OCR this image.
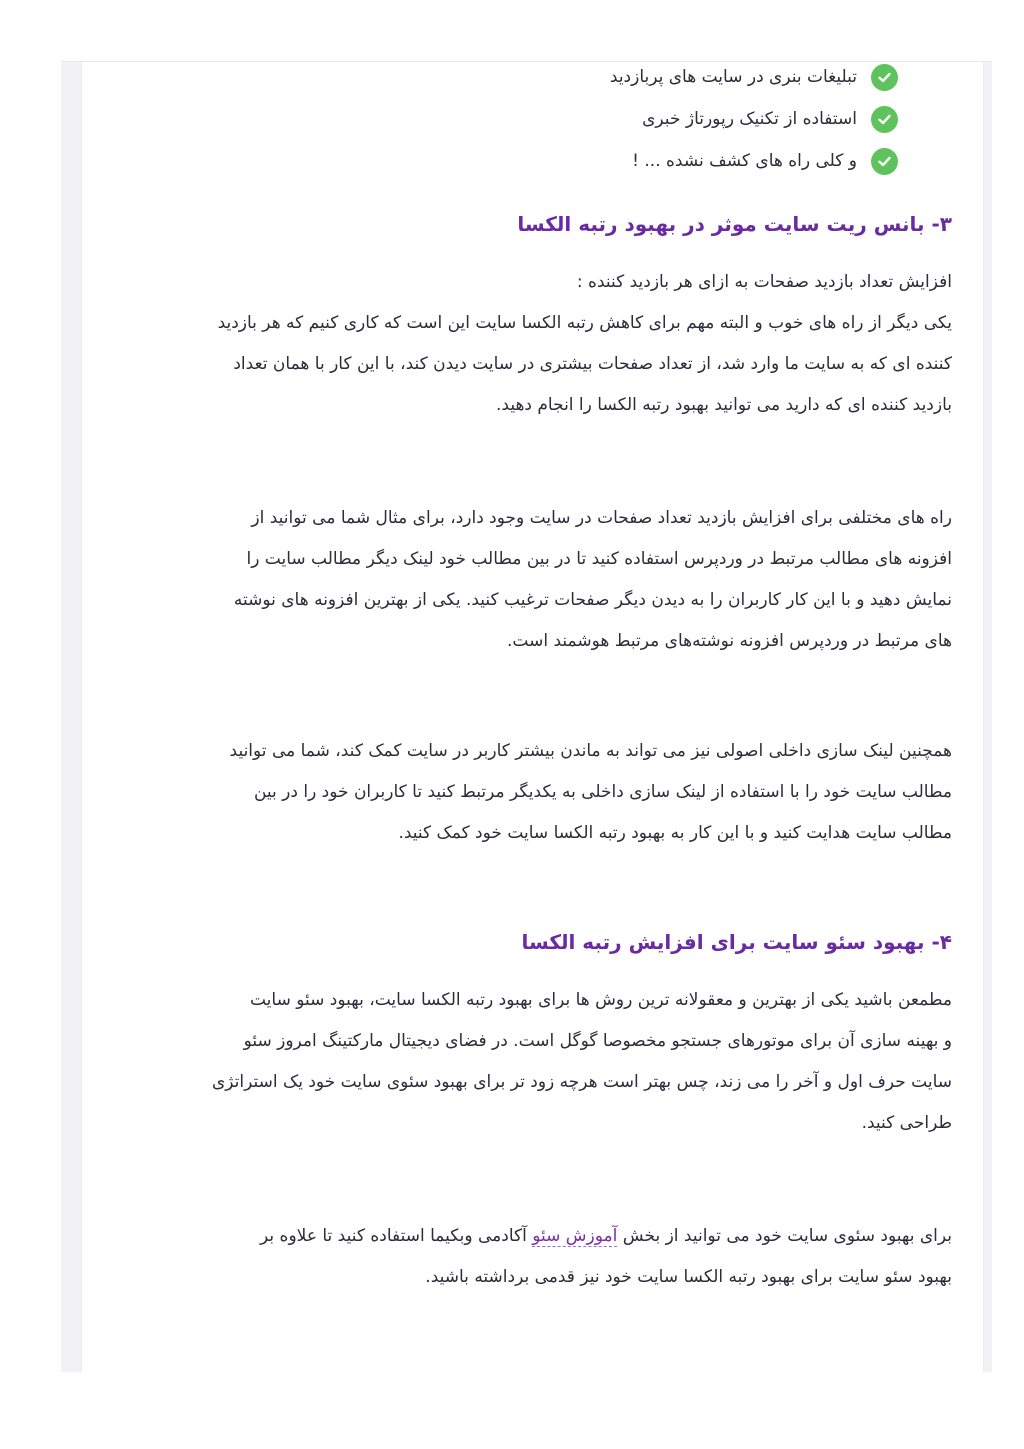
تبلیغات بنری در سایت های پربازدید
استفاده از تکنیک رپورتاژ خبری
و کلی راه های کشف نشده ... !
۳- بانس ریت سایت موثر در بهبود رتبه الکسا

افزایش تعداد بازدید صفحات به ازای هر بازدید کننده :
یکی دیگر از راه های خوب و البته مهم برای کاهش رتبه الکسا سایت این است که کاری کنیم که هر بازدید
کننده ای که به سایت ما وارد شد، از تعداد صفحات بیشتری در سایت دیدن کند، با این کار با همان تعداد
بازدید کننده ای که دارید می توانید بهبود رتبه الکسا را انجام دهید.

راه های مختلفی برای افزایش بازدید تعداد صفحات در سایت وجود دارد، برای مثال شما می توانید از
افزونه های مطالب مرتبط در وردپرس استفاده کنید تا در بین مطالب خود لینک دیگر مطالب سایت را
نمایش دهید و با این کار کاربران را به دیدن دیگر صفحات ترغیب کنید. یکی از بهترین افزونه های نوشته
های مرتبط در وردپرس افزونه نوشته‌های مرتبط هوشمند است.

همچنین لینک سازی داخلی اصولی نیز می تواند به ماندن بیشتر کاربر در سایت کمک کند، شما می توانید
مطالب سایت خود را با استفاده از لینک سازی داخلی به یکدیگر مرتبط کنید تا کاربران خود را در بین
مطالب سایت هدایت کنید و با این کار به بهبود رتبه الکسا سایت خود کمک کنید.

۴- بهبود سئو سایت برای افزایش رتبه الکسا

مطمعن باشید یکی از بهترین و معقولانه ترین روش ها برای بهبود رتبه الکسا سایت، بهبود سئو سایت
و بهینه سازی آن برای موتورهای جستجو مخصوصا گوگل است. در فضای دیجیتال مارکتینگ امروز سئو
سایت حرف اول و آخر را می زند، چس بهتر است هرچه زود تر برای بهبود سئوی سایت خود یک استراتژی
طراحی کنید.

برای بهبود سئوی سایت خود می توانید از بخش آموزش سئو آکادمی وبکیما استفاده کنید تا علاوه بر
بهبود سئو سایت برای بهبود رتبه الکسا سایت خود نیز قدمی برداشته باشید.
